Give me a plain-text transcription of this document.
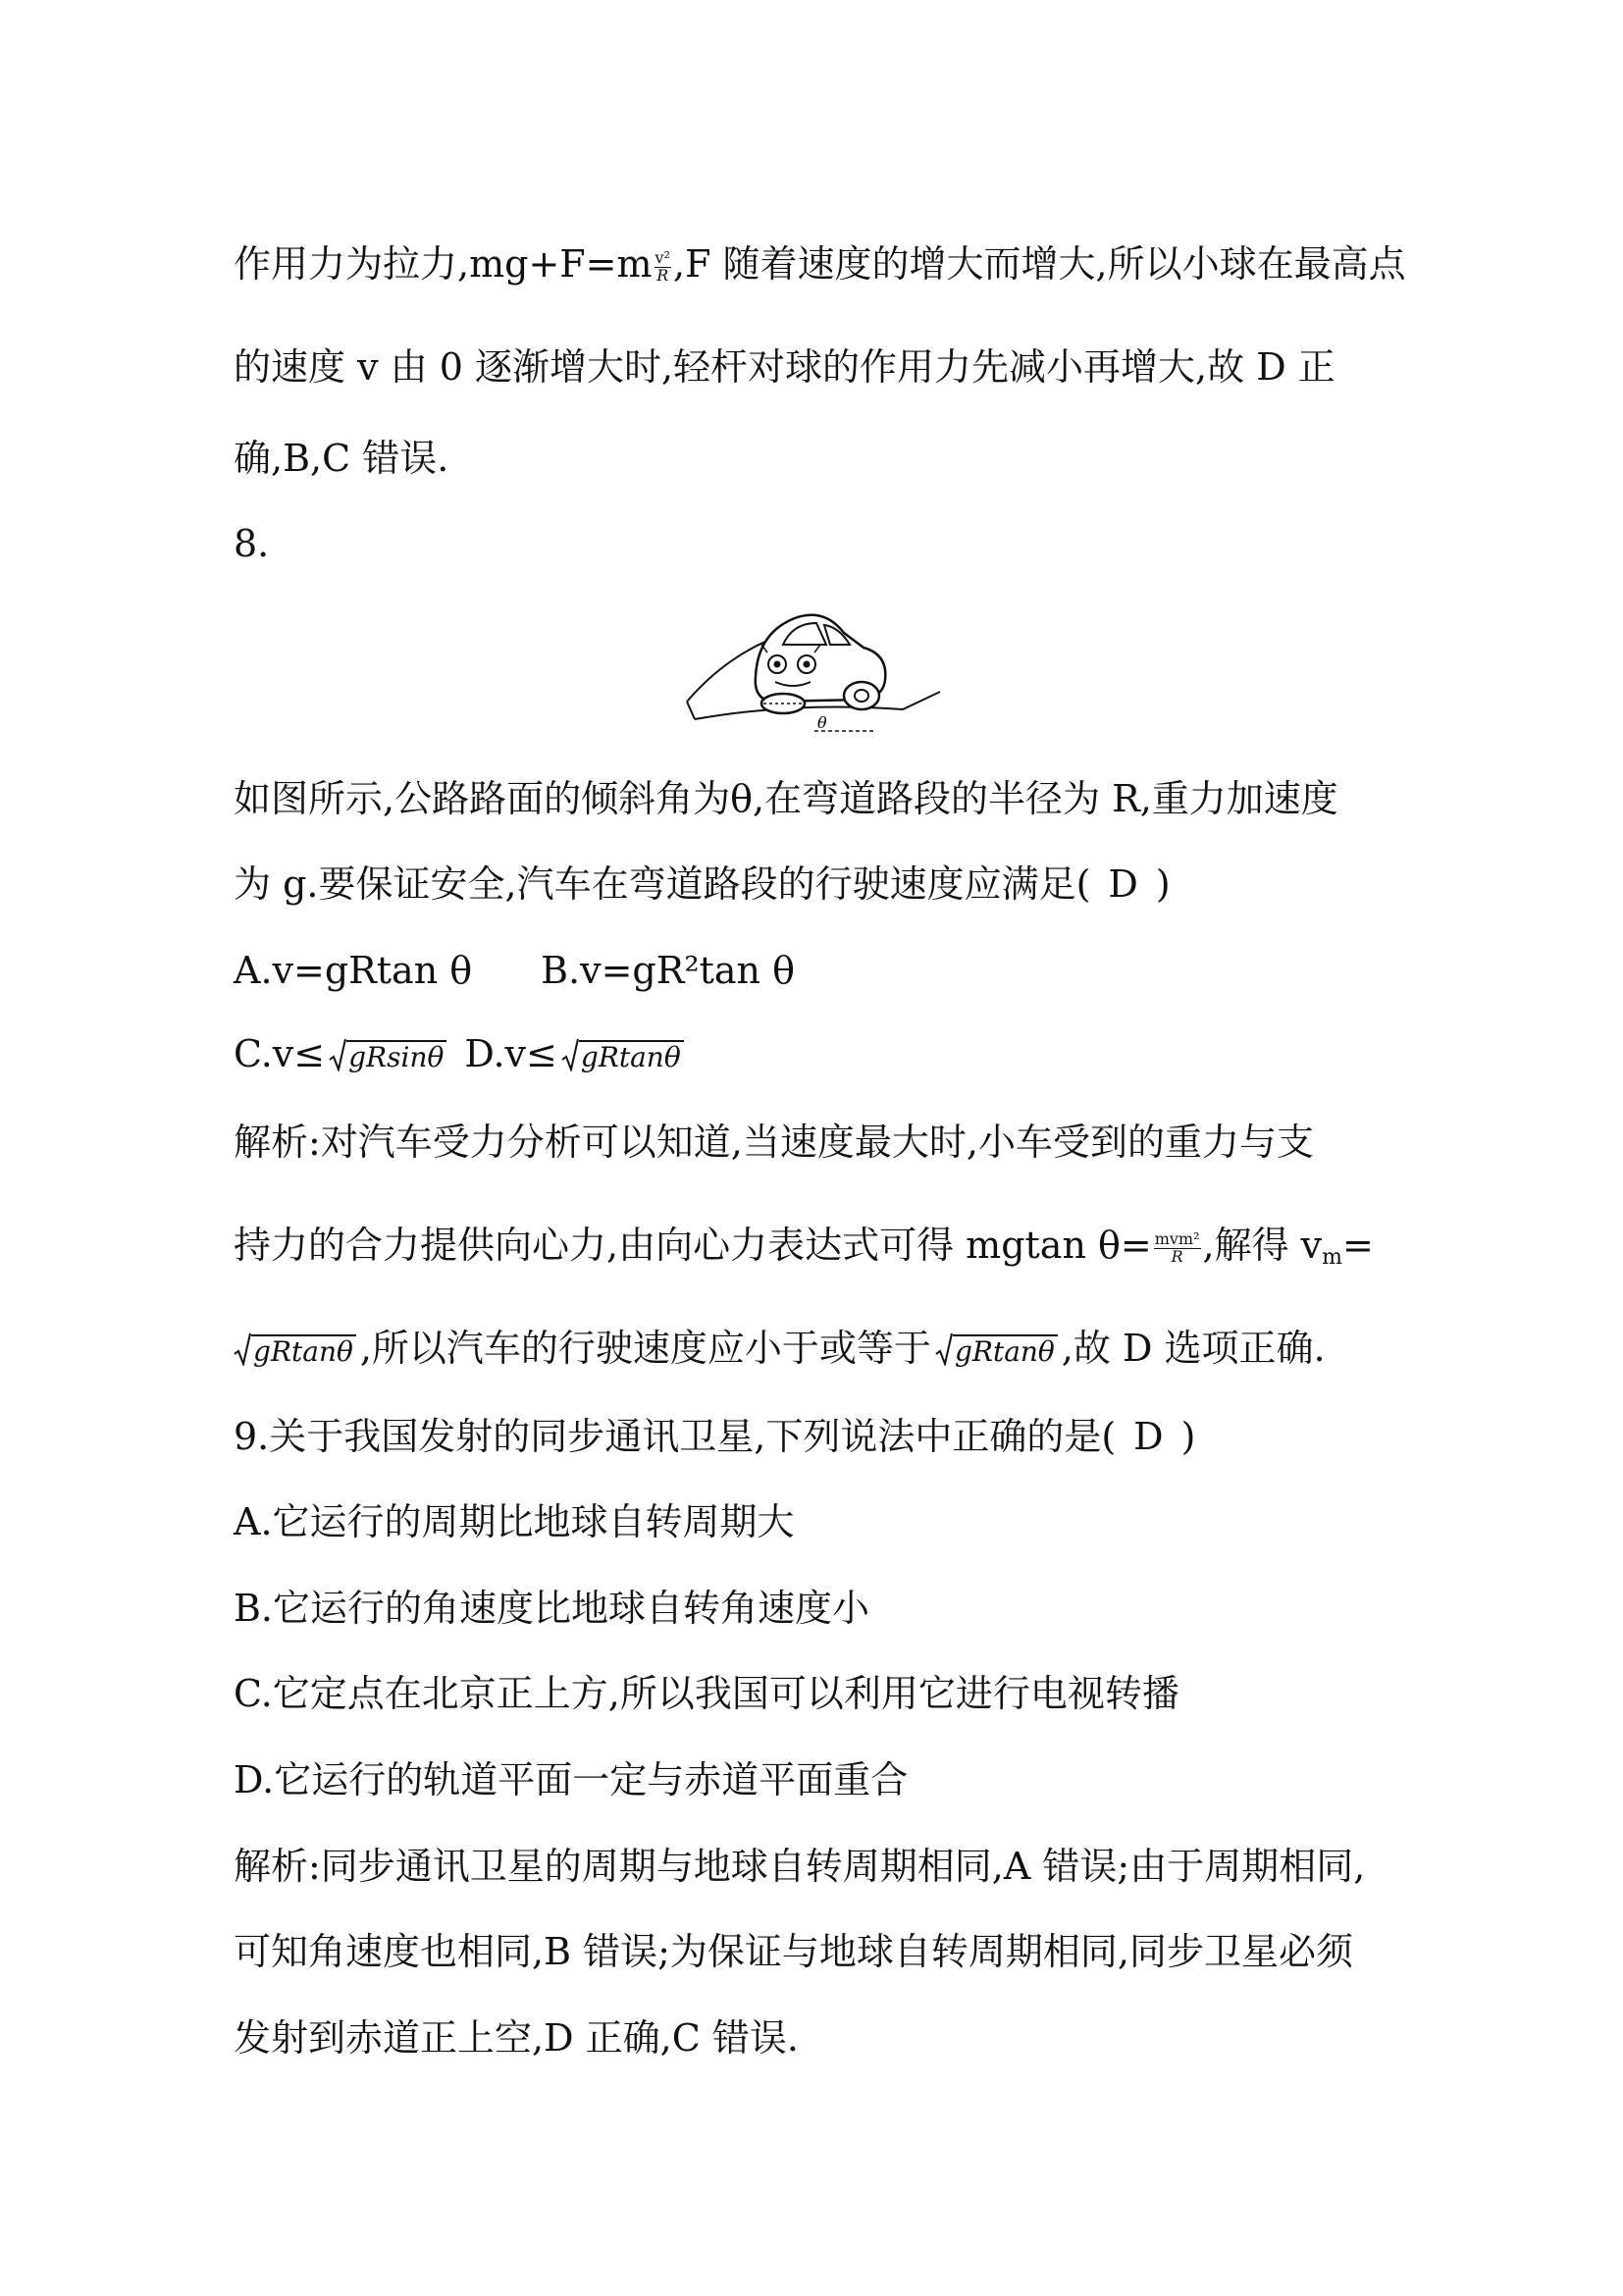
作用力为拉力$,mg+F=m \frac{\text{v²}}{R} ,F$ 随着速度的增大而增大,所以小球在最高点
的速度 v 由 0 逐渐增大时,轻杆对球的作用力先减小再增大,故 D 正
确,B,C 错误.
8.
θ
如图所示,公路路面的倾斜角为θ,在弯道路段的半径为 R,重力加速度
为 g.要保证安全,汽车在弯道路段的行驶速度应满足( D )
A.v=gRtan θ B.v=gR²tan θ
C.v≤ gRsinθ D.v≤ gRtanθ
解析:对汽车受力分析可以知道,当速度最大时,小车受到的重力与支
持力的合力提供向心力,由向心力表达式可得 mgtan $\theta= \frac{\text{mvm²}}{R}$ ,解得 $v_m=$
gRtanθ ,所以汽车的行驶速度应小于或等于 gRtanθ ,故 D 选项正确.
9.关于我国发射的同步通讯卫星,下列说法中正确的是( D )
A.它运行的周期比地球自转周期大
B.它运行的角速度比地球自转角速度小
C.它定点在北京正上方,所以我国可以利用它进行电视转播
D.它运行的轨道平面一定与赤道平面重合
解析:同步通讯卫星的周期与地球自转周期相同,A 错误;由于周期相同,
可知角速度也相同,B 错误;为保证与地球自转周期相同,同步卫星必须
发射到赤道正上空,D 正确,C 错误.
